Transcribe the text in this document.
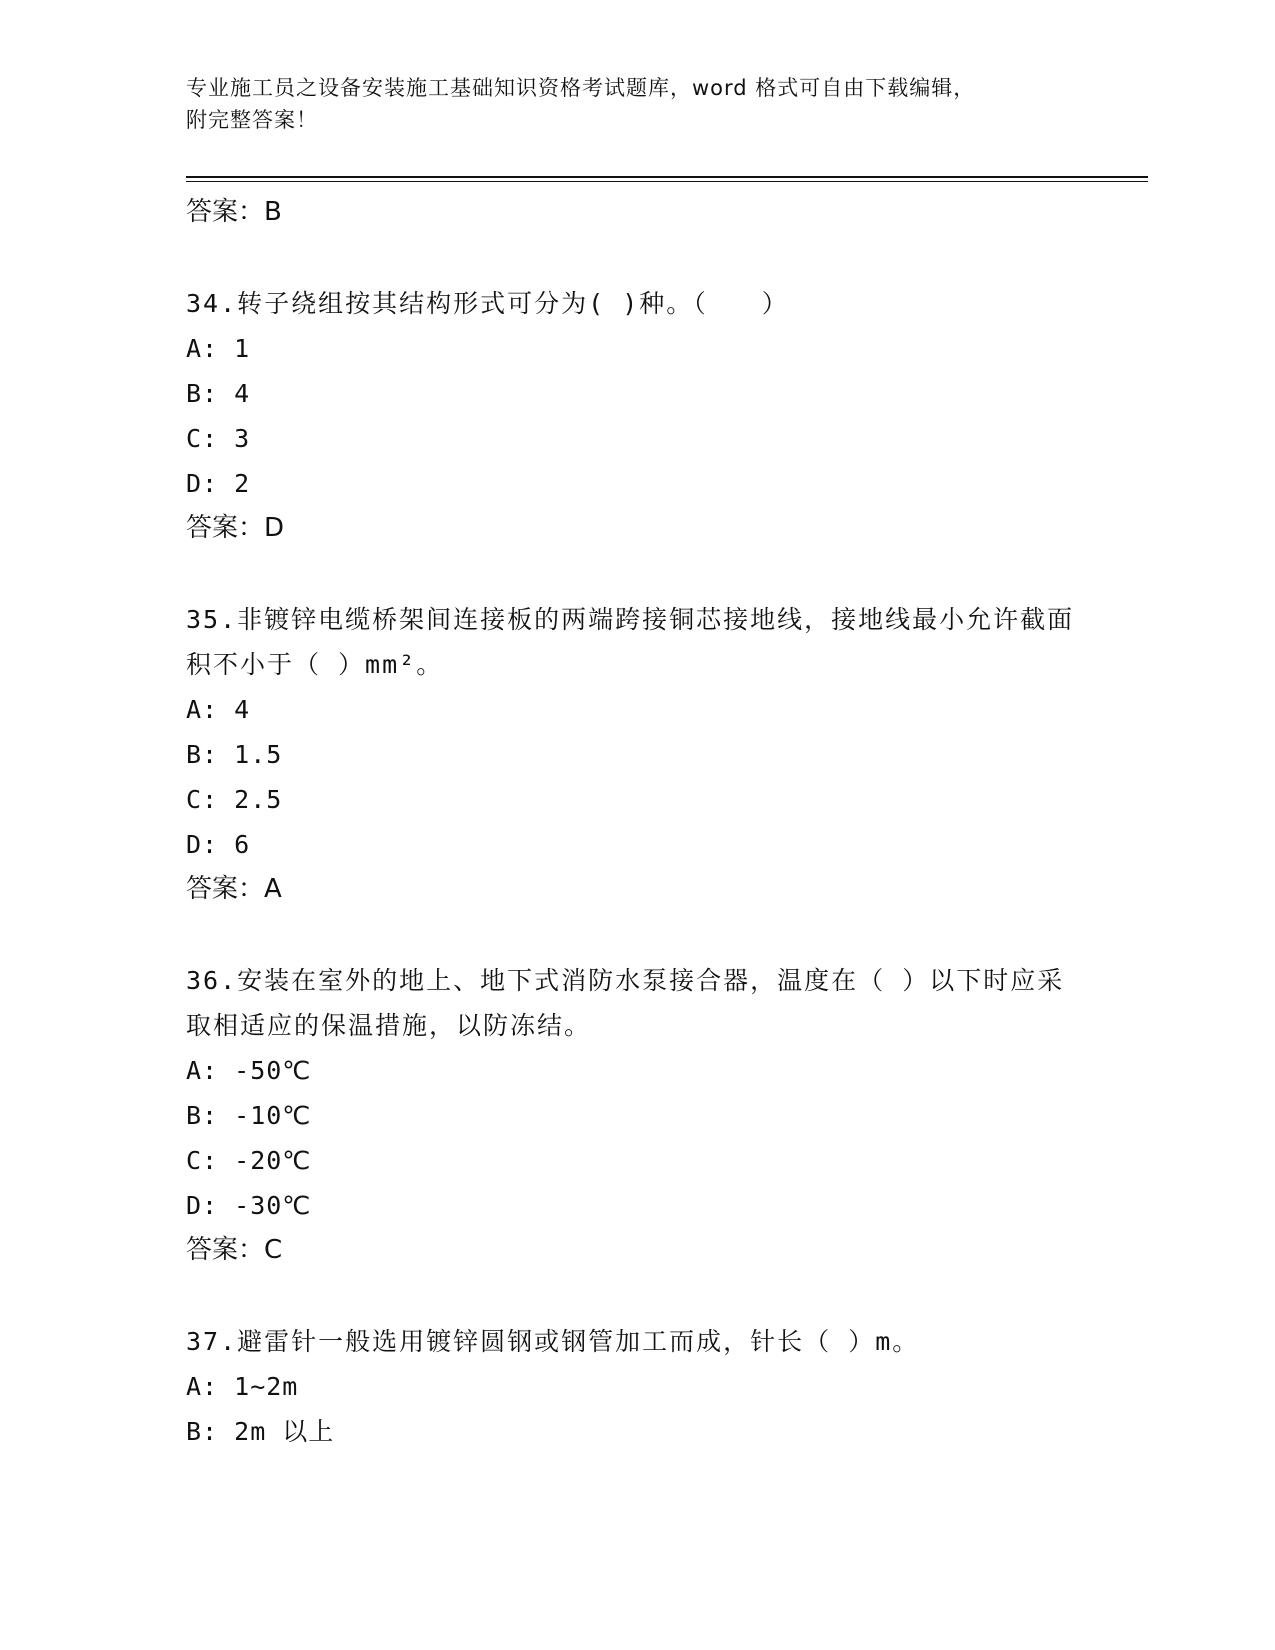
专业施工员之设备安装施工基础知识资格考试题库，word 格式可自由下载编辑，
附完整答案！

答案：B

34.转子绕组按其结构形式可分为( )种。（　　）

A: 1

B: 4

C: 3

D: 2

答案：D

35.非镀锌电缆桥架间连接板的两端跨接铜芯接地线，接地线最小允许截面积不小于（ ）mm²。

A: 4

B: 1.5

C: 2.5

D: 6

答案：A

36.安装在室外的地上、地下式消防水泵接合器，温度在（ ）以下时应采取相适应的保温措施，以防冻结。

A: -50℃

B: -10℃

C: -20℃

D: -30℃

答案：C

37.避雷针一般选用镀锌圆钢或钢管加工而成，针长（ ）m。

A: 1~2m

B: 2m 以上
